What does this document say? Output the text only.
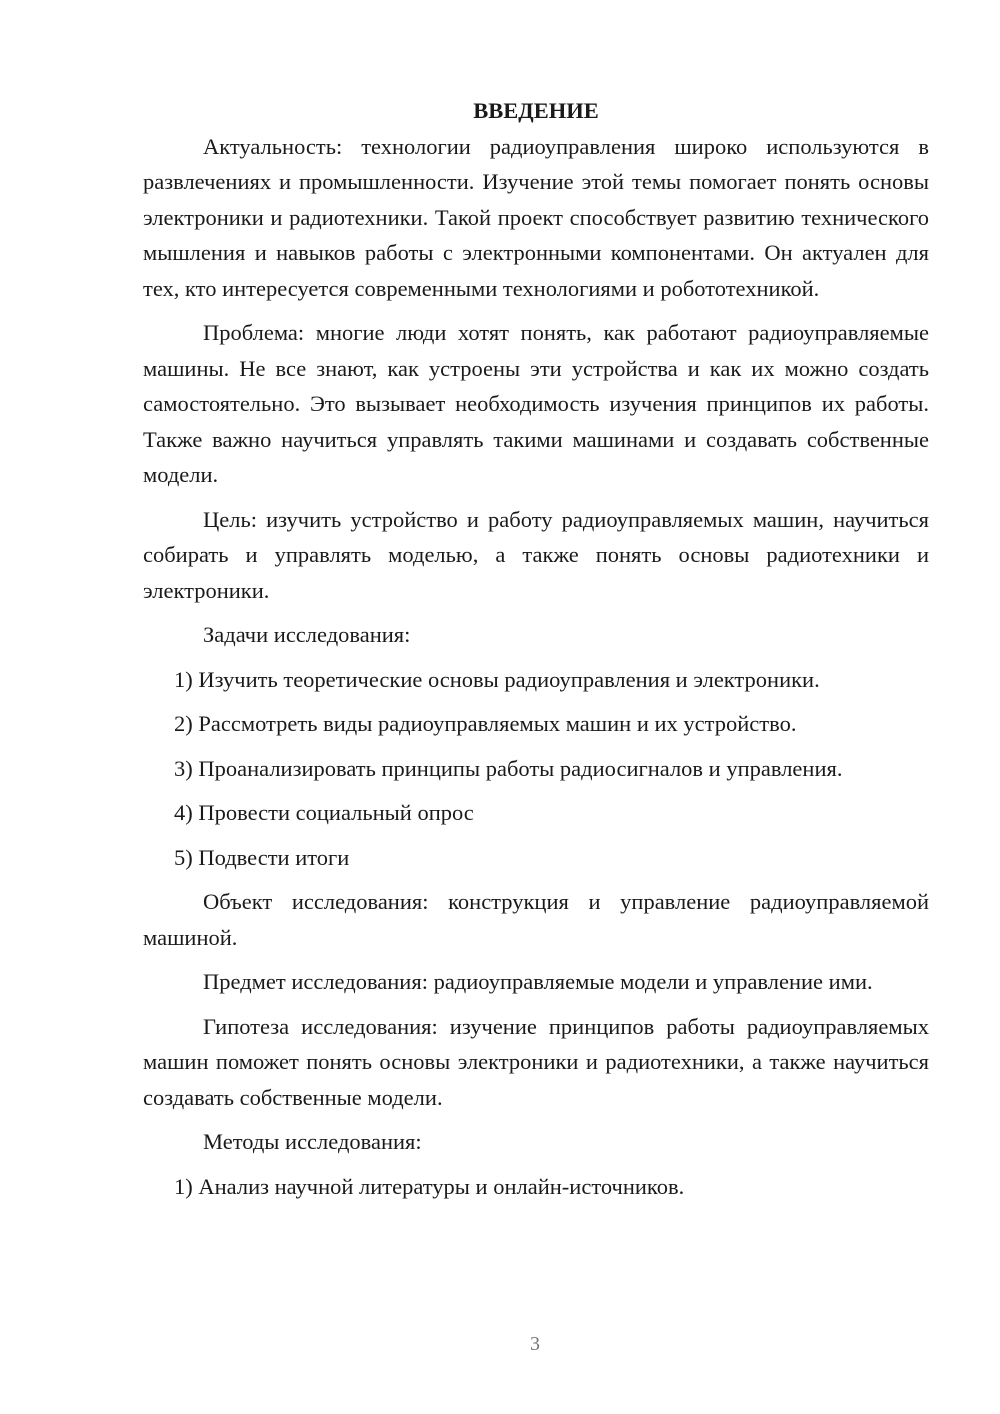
ВВЕДЕНИЕ

Актуальность: технологии радиоуправления широко используются в развлечениях и промышленности. Изучение этой темы помогает понять основы электроники и радиотехники. Такой проект способствует развитию технического мышления и навыков работы с электронными компонентами. Он актуален для тех, кто интересуется современными технологиями и робототехникой.

Проблема: многие люди хотят понять, как работают радиоуправляемые машины. Не все знают, как устроены эти устройства и как их можно создать самостоятельно. Это вызывает необходимость изучения принципов их работы. Также важно научиться управлять такими машинами и создавать собственные модели.

Цель: изучить устройство и работу радиоуправляемых машин, научиться собирать и управлять моделью, а также понять основы радиотехники и электроники.

Задачи исследования:

1) Изучить теоретические основы радиоуправления и электроники.
2) Рассмотреть виды радиоуправляемых машин и их устройство.
3) Проанализировать принципы работы радиосигналов и управления.
4) Провести социальный опрос
5) Подвести итоги

Объект исследования: конструкция и управление радиоуправляемой машиной.

Предмет исследования: радиоуправляемые модели и управление ими.

Гипотеза исследования: изучение принципов работы радиоуправляемых машин поможет понять основы электроники и радиотехники, а также научиться создавать собственные модели.

Методы исследования:

1) Анализ научной литературы и онлайн-источников.
3
